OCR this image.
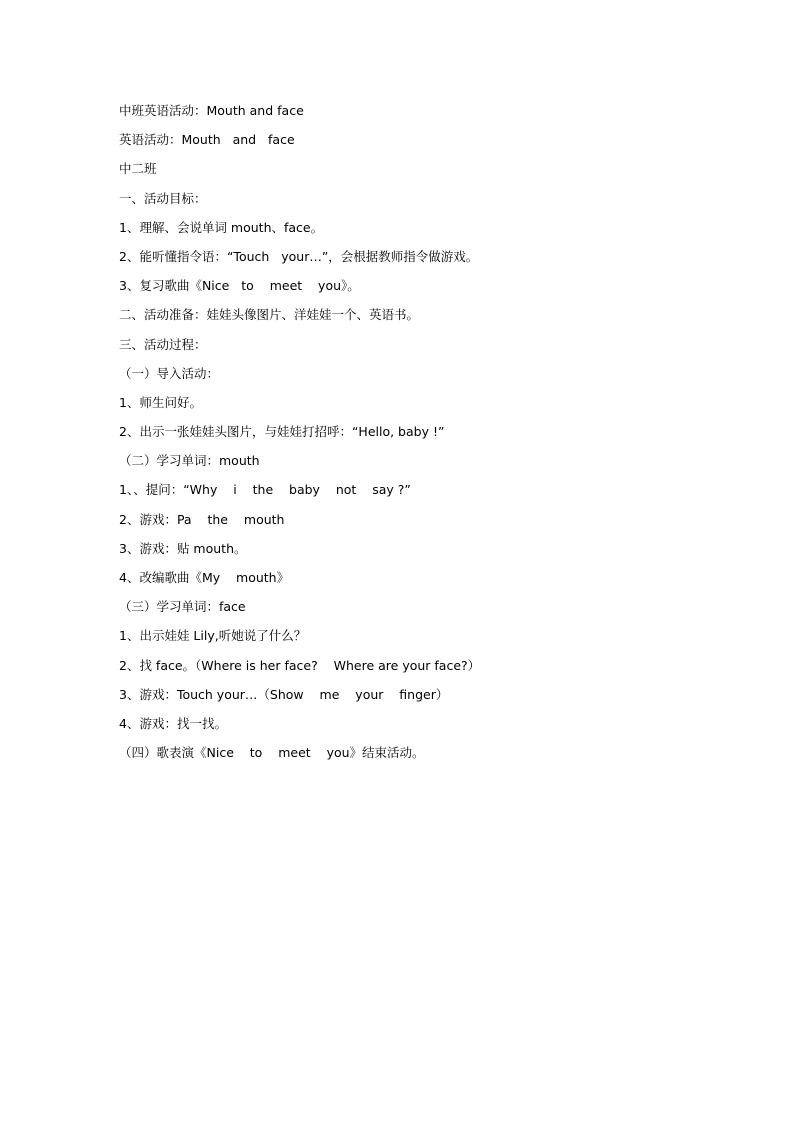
中班英语活动：Mouth and face
英语活动：Mouth   and   face
中二班
一、活动目标：
1、理解、会说单词 mouth、face。
2、能听懂指令语：“Touch   your…”，会根据教师指令做游戏。
3、复习歌曲《Nice   to    meet    you》。
二、活动准备：娃娃头像图片、洋娃娃一个、英语书。
三、活动过程：
（一）导入活动：
1、师生问好。
2、出示一张娃娃头图片，与娃娃打招呼：“Hello, baby !”
（二）学习单词：mouth
1、、提问：“Why    i    the    baby    not    say ?”
2、游戏：Pa    the    mouth
3、游戏：贴 mouth。
4、改编歌曲《My    mouth》
（三）学习单词：face
1、出示娃娃 Lily,听她说了什么？
2、找 face。（Where is her face?    Where are your face?）
3、游戏：Touch your…（Show    me    your    finger）
4、游戏：找一找。
（四）歌表演《Nice    to    meet    you》结束活动。
